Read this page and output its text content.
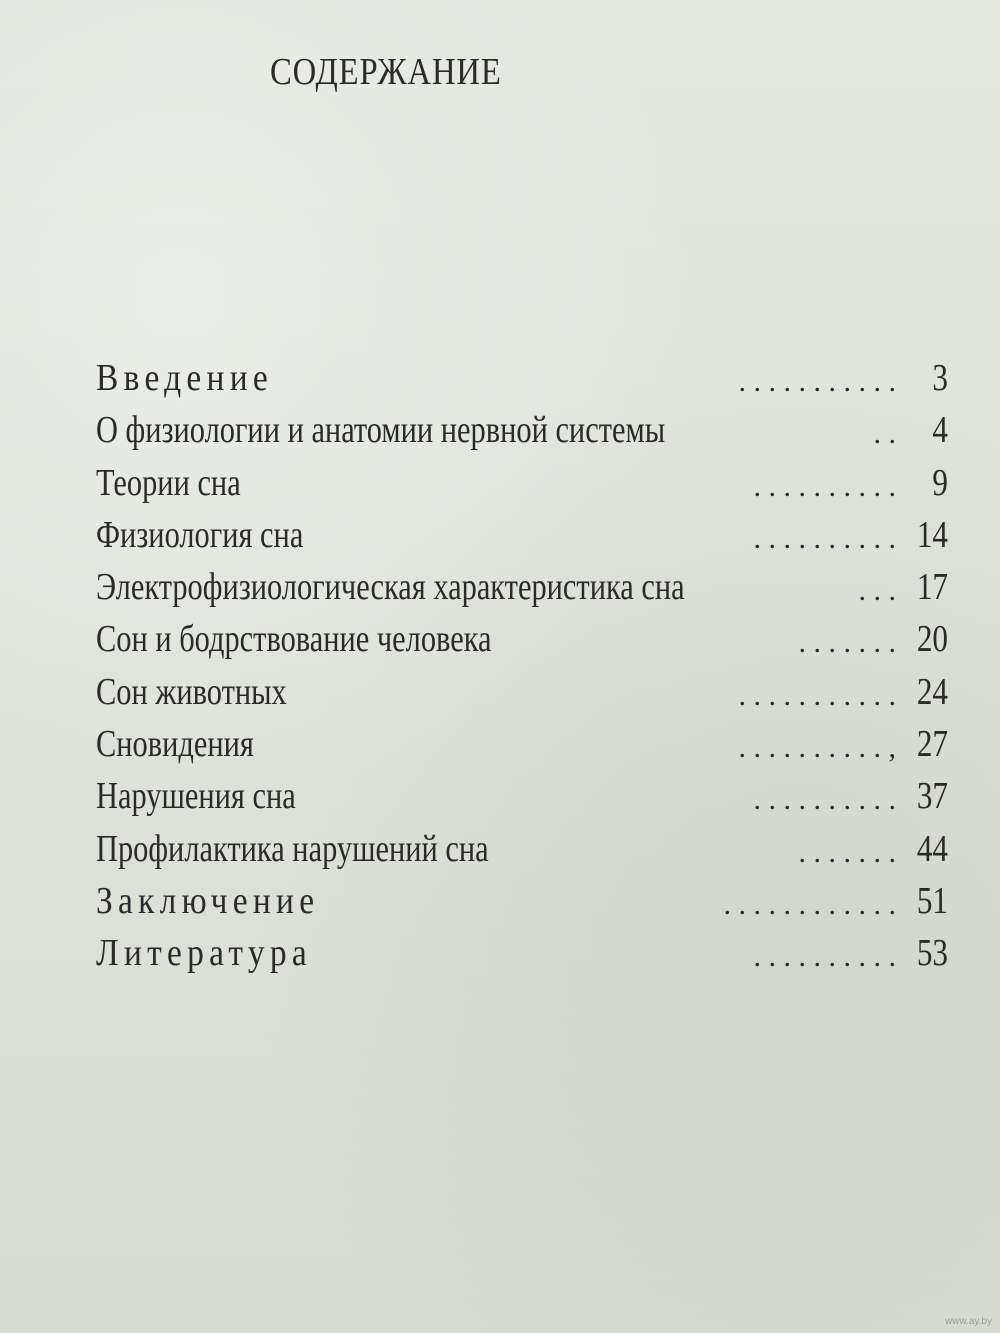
СОДЕРЖАНИЕ
Введение	. . . . . . . . . . . 3
О физиологии и анатомии нервной системы	. . 4
Теории сна	. . . . . . . . . . 9
Физиология сна	. . . . . . . . . . 14
Электрофизиологическая характеристика сна	. . . 17
Сон и бодрствование человека	. . . . . . . 20
Сон животных	. . . . . . . . . . . 24
Сновидения	. . . . . . . . . . , 27
Нарушения сна	. . . . . . . . . . 37
Профилактика нарушений сна	. . . . . . . 44
Заключение	. . . . . . . . . . . . 51
Литература	. . . . . . . . . . 53
www.ay.by
